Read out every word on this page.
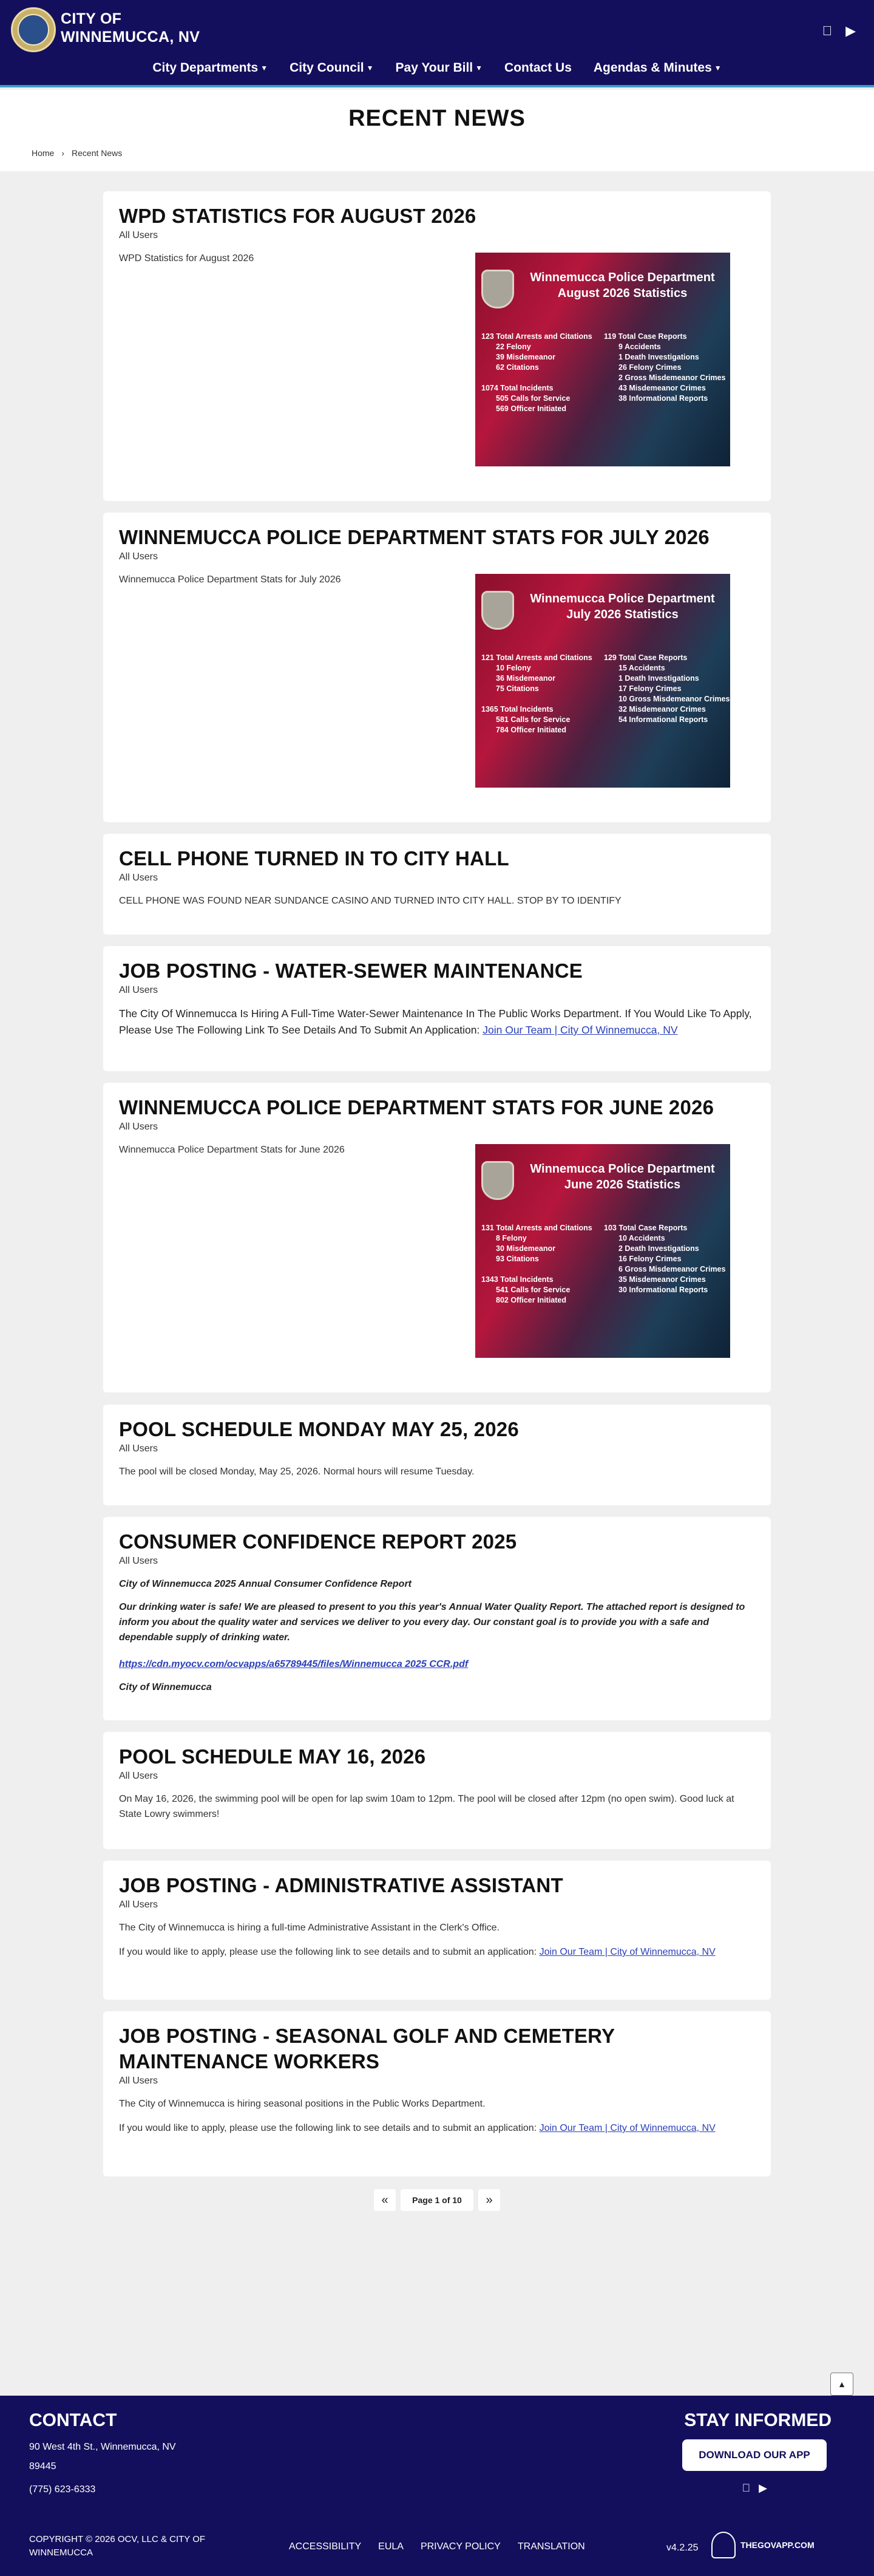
CITY OF
WINNEMUCCA, NV	▶
City Departments ▼ City Council ▼ Pay Your Bill ▼ Contact Us Agendas & Minutes ▼
RECENT NEWS
Home › Recent News
WPD STATISTICS FOR AUGUST 2026
All Users
WPD Statistics for August 2026
Winnemucca Police Department
August 2026 Statistics
123 Total Arrests and Citations
22 Felony
39 Misdemeanor
62 Citations
1074 Total Incidents
505 Calls for Service
569 Officer Initiated
119 Total Case Reports
9 Accidents
1 Death Investigations
26 Felony Crimes
2 Gross Misdemeanor Crimes
43 Misdemeanor Crimes
38 Informational Reports
WINNEMUCCA POLICE DEPARTMENT STATS FOR JULY 2026
All Users
Winnemucca Police Department Stats for July 2026
Winnemucca Police Department
July 2026 Statistics
121 Total Arrests and Citations
10 Felony
36 Misdemeanor
75 Citations
1365 Total Incidents
581 Calls for Service
784 Officer Initiated
129 Total Case Reports
15 Accidents
1 Death Investigations
17 Felony Crimes
10 Gross Misdemeanor Crimes
32 Misdemeanor Crimes
54 Informational Reports
CELL PHONE TURNED IN TO CITY HALL
All Users
CELL PHONE WAS FOUND NEAR SUNDANCE CASINO AND TURNED INTO CITY HALL. STOP BY TO IDENTIFY
JOB POSTING - WATER-SEWER MAINTENANCE
All Users
The City Of Winnemucca Is Hiring A Full-Time Water-Sewer Maintenance In The Public Works Department. If You Would Like To Apply, Please Use The Following Link To See Details And To Submit An Application: Join Our Team | City Of Winnemucca, NV
WINNEMUCCA POLICE DEPARTMENT STATS FOR JUNE 2026
All Users
Winnemucca Police Department Stats for June 2026
Winnemucca Police Department
June 2026 Statistics
131 Total Arrests and Citations
8 Felony
30 Misdemeanor
93 Citations
1343 Total Incidents
541 Calls for Service
802 Officer Initiated
103 Total Case Reports
10 Accidents
2 Death Investigations
16 Felony Crimes
6 Gross Misdemeanor Crimes
35 Misdemeanor Crimes
30 Informational Reports
POOL SCHEDULE MONDAY MAY 25, 2026
All Users
The pool will be closed Monday, May 25, 2026. Normal hours will resume Tuesday.
CONSUMER CONFIDENCE REPORT 2025
All Users
City of Winnemucca 2025 Annual Consumer Confidence Report
Our drinking water is safe! We are pleased to present to you this year's Annual Water Quality Report. The attached report is designed to inform you about the quality water and services we deliver to you every day. Our constant goal is to provide you with a safe and dependable supply of drinking water.
https://cdn.myocv.com/ocvapps/a65789445/files/Winnemucca 2025 CCR.pdf
City of Winnemucca
POOL SCHEDULE MAY 16, 2026
All Users
On May 16, 2026, the swimming pool will be open for lap swim 10am to 12pm. The pool will be closed after 12pm (no open swim). Good luck at State Lowry swimmers!
JOB POSTING - ADMINISTRATIVE ASSISTANT
All Users
The City of Winnemucca is hiring a full-time Administrative Assistant in the Clerk's Office.
If you would like to apply, please use the following link to see details and to submit an application: Join Our Team | City of Winnemucca, NV
JOB POSTING - SEASONAL GOLF AND CEMETERY MAINTENANCE WORKERS
All Users
The City of Winnemucca is hiring seasonal positions in the Public Works Department.
If you would like to apply, please use the following link to see details and to submit an application: Join Our Team | City of Winnemucca, NV
«	Page 1 of 10	»
▲
CONTACT
90 West 4th St., Winnemucca, NV
89445
(775) 623-6333
STAY INFORMED
DOWNLOAD OUR APP
▶
COPYRIGHT © 2026 OCV, LLC & CITY OF WINNEMUCCA
ACCESSIBILITY EULA PRIVACY POLICY TRANSLATION	v4.2.25	THEGOVAPP.COM
